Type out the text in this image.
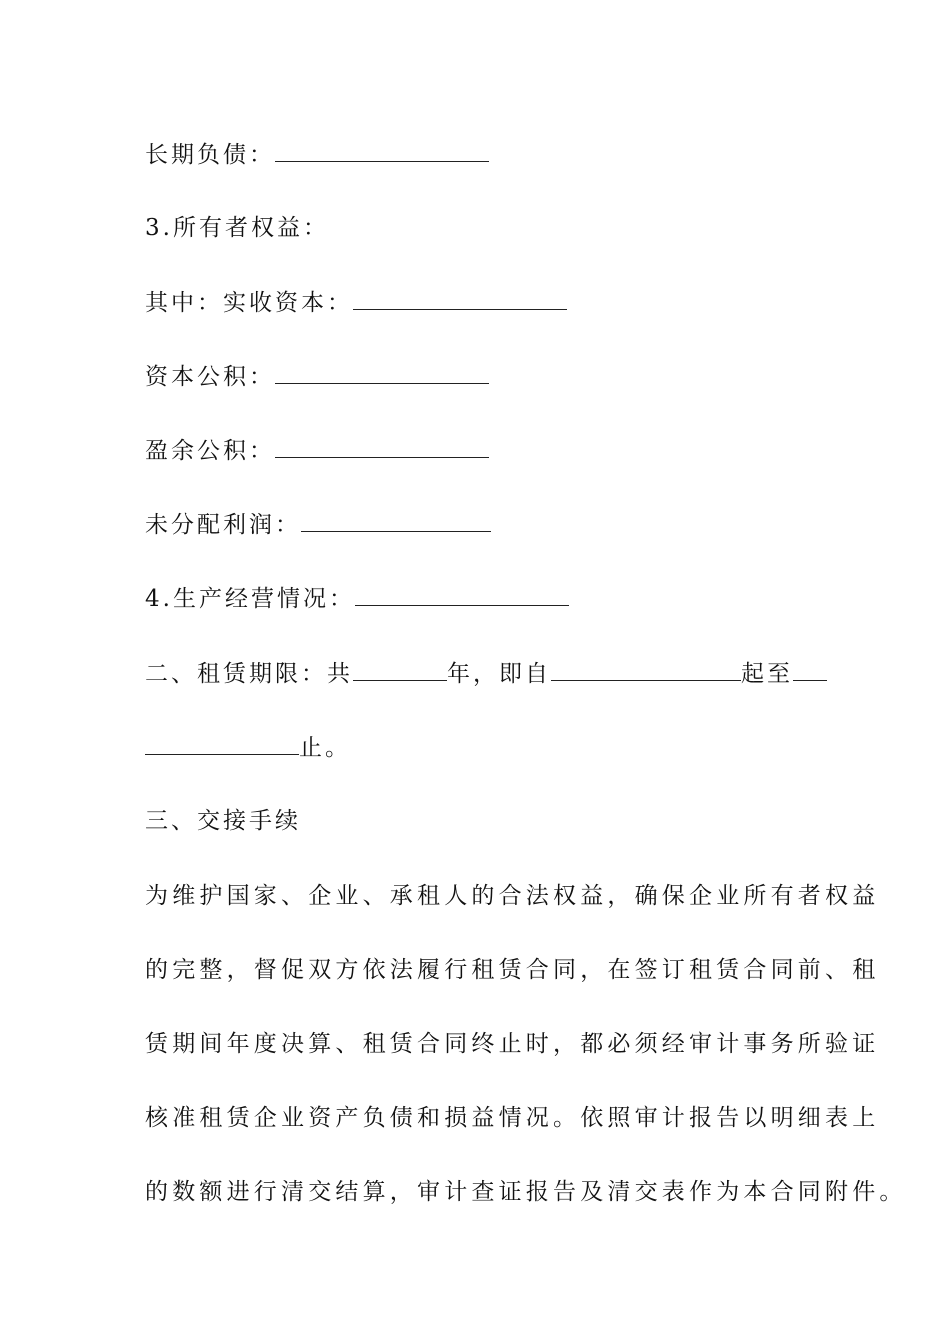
长期负债：
3.所有者权益：
其中：实收资本：
资本公积：
盈余公积：
未分配利润：
4.生产经营情况：
二、租赁期限：共	年，即自	起至
止。
三、交接手续
为维护国家、企业、承租人的合法权益，确保企业所有者权益
的完整，督促双方依法履行租赁合同，在签订租赁合同前、租
赁期间年度决算、租赁合同终止时，都必须经审计事务所验证
核准租赁企业资产负债和损益情况。依照审计报告以明细表上
的数额进行清交结算，审计查证报告及清交表作为本合同附件。
